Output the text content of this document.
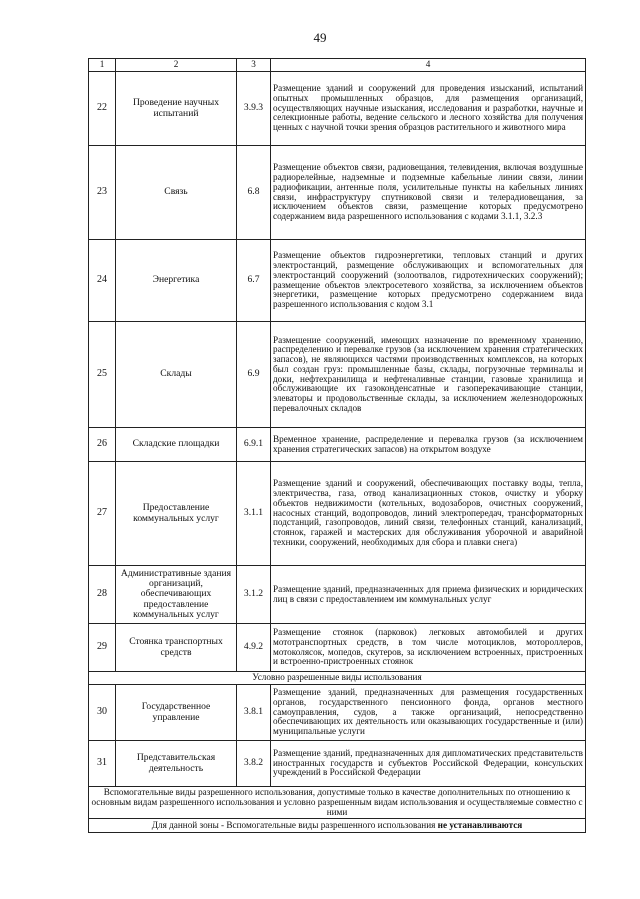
49
1	2	3	4
22	Проведение научных испытаний	3.9.3	Размещение зданий и сооружений для проведения изысканий, испытаний опытных промышленных образцов, для размещения организаций, осуществляющих научные изыскания, исследования и разработки, научные и селекционные работы, ведение сельского и лесного хозяйства для получения ценных с научной точки зрения образцов растительного и животного мира
23	Связь	6.8	Размещение объектов связи, радиовещания, телевидения, включая воздушные радиорелейные, надземные и подземные кабельные линии связи, линии радиофикации, антенные поля, усилительные пункты на кабельных линиях связи, инфраструктуру спутниковой связи и телерадиовещания, за исключением объектов связи, размещение которых предусмотрено содержанием вида разрешенного использования с кодами 3.1.1, 3.2.3
24	Энергетика	6.7	Размещение объектов гидроэнергетики, тепловых станций и других электростанций, размещение обслуживающих и вспомогательных для электростанций сооружений (золоотвалов, гидротехнических сооружений); размещение объектов электросетевого хозяйства, за исключением объектов энергетики, размещение которых предусмотрено содержанием вида разрешенного использования с кодом 3.1
25	Склады	6.9	Размещение сооружений, имеющих назначение по временному хранению, распределению и перевалке грузов (за исключением хранения стратегических запасов), не являющихся частями производственных комплексов, на которых был создан груз: промышленные базы, склады, погрузочные терминалы и доки, нефтехранилища и нефтеналивные станции, газовые хранилища и обслуживающие их газоконденсатные и газоперекачивающие станции, элеваторы и продовольственные склады, за исключением железнодорожных перевалочных складов
26	Складские площадки	6.9.1	Временное хранение, распределение и перевалка грузов (за исключением хранения стратегических запасов) на открытом воздухе
27	Предоставление коммунальных услуг	3.1.1	Размещение зданий и сооружений, обеспечивающих поставку воды, тепла, электричества, газа, отвод канализационных стоков, очистку и уборку объектов недвижимости (котельных, водозаборов, очистных сооружений, насосных станций, водопроводов, линий электропередач, трансформаторных подстанций, газопроводов, линий связи, телефонных станций, канализаций, стоянок, гаражей и мастерских для обслуживания уборочной и аварийной техники, сооружений, необходимых для сбора и плавки снега)
28	Административные здания организаций, обеспечивающих предоставление коммунальных услуг	3.1.2	Размещение зданий, предназначенных для приема физических и юридических лиц в связи с предоставлением им коммунальных услуг
29	Стоянка транспортных средств	4.9.2	Размещение стоянок (парковок) легковых автомобилей и других мототранспортных средств, в том числе мотоциклов, мотороллеров, мотоколясок, мопедов, скутеров, за исключением встроенных, пристроенных и встроенно-пристроенных стоянок
Условно разрешенные виды использования			
30	Государственное управление	3.8.1	Размещение зданий, предназначенных для размещения государственных органов, государственного пенсионного фонда, органов местного самоуправления, судов, а также организаций, непосредственно обеспечивающих их деятельность или оказывающих государственные и (или) муниципальные услуги
31	Представительская деятельность	3.8.2	Размещение зданий, предназначенных для дипломатических представительств иностранных государств и субъектов Российской Федерации, консульских учреждений в Российской Федерации
Вспомогательные виды разрешенного использования, допустимые только в качестве дополнительных по отношению к основным видам разрешенного использования и условно разрешенным видам использования и осуществляемые совместно с ними			
Для данной зоны - Вспомогательные виды разрешенного использования не устанавливаются			
